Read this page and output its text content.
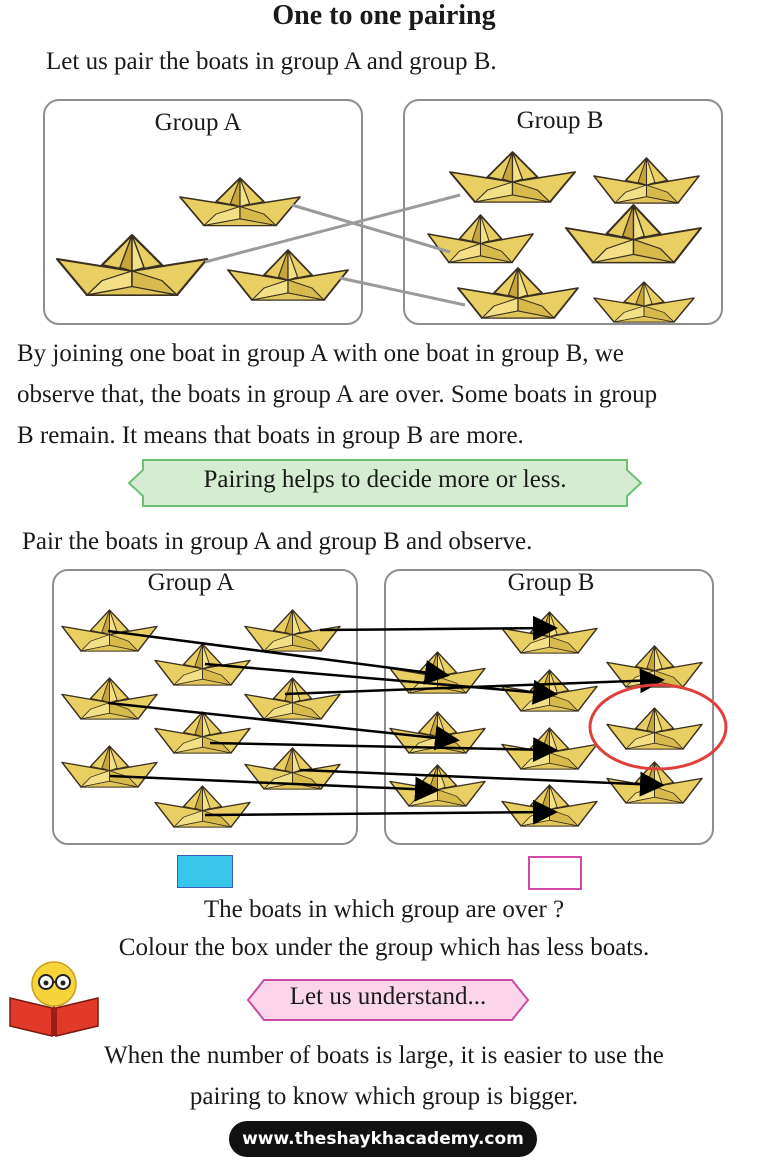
One to one pairing
Let us pair the boats in group A and group B.
Group A	Group B
By joining one boat in group A with one boat in group B, we
observe that, the boats in group A are over. Some boats in group
B remain. It means that boats in group B are more.
Pairing helps to decide more or less.
Pair the boats in group A and group B and observe.
Group A	Group B
The boats in which group are over ?
Colour the box under the group which has less boats.
Let us understand...
When the number of boats is large, it is easier to use the
pairing to know which group is bigger.
www.theshaykhacademy.com
